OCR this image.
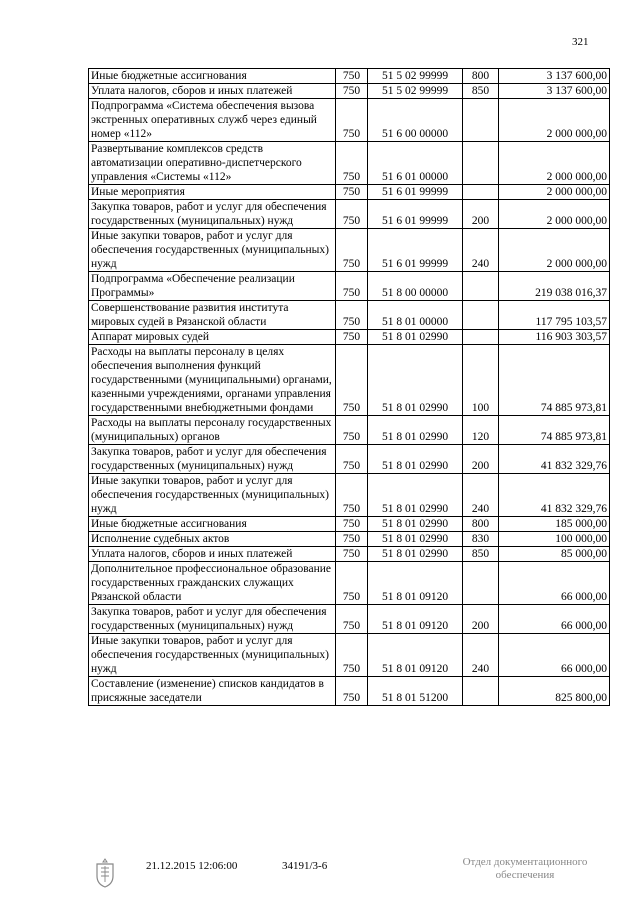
321
Иные бюджетные ассигнования	750	51 5 02 99999	800	3 137 600,00
Уплата налогов, сборов и иных платежей	750	51 5 02 99999	850	3 137 600,00
Подпрограмма «Система обеспечения вызова экстренных оперативных служб через единый номер «112»	750	51 6 00 00000		2 000 000,00
Развертывание комплексов средств автоматизации оперативно-диспетчерского управления «Системы «112»	750	51 6 01 00000		2 000 000,00
Иные мероприятия	750	51 6 01 99999		2 000 000,00
Закупка товаров, работ и услуг для обеспечения государственных (муниципальных) нужд	750	51 6 01 99999	200	2 000 000,00
Иные закупки товаров, работ и услуг для обеспечения государственных (муниципальных) нужд	750	51 6 01 99999	240	2 000 000,00
Подпрограмма «Обеспечение реализации Программы»	750	51 8 00 00000		219 038 016,37
Совершенствование развития института мировых судей в Рязанской области	750	51 8 01 00000		117 795 103,57
Аппарат мировых судей	750	51 8 01 02990		116 903 303,57
Расходы на выплаты персоналу в целях обеспечения выполнения функций государственными (муниципальными) органами, казенными учреждениями, органами управления государственными внебюджетными фондами	750	51 8 01 02990	100	74 885 973,81
Расходы на выплаты персоналу государственных (муниципальных) органов	750	51 8 01 02990	120	74 885 973,81
Закупка товаров, работ и услуг для обеспечения государственных (муниципальных) нужд	750	51 8 01 02990	200	41 832 329,76
Иные закупки товаров, работ и услуг для обеспечения государственных (муниципальных) нужд	750	51 8 01 02990	240	41 832 329,76
Иные бюджетные ассигнования	750	51 8 01 02990	800	185 000,00
Исполнение судебных актов	750	51 8 01 02990	830	100 000,00
Уплата налогов, сборов и иных платежей	750	51 8 01 02990	850	85 000,00
Дополнительное профессиональное образование государственных гражданских служащих Рязанской области	750	51 8 01 09120		66 000,00
Закупка товаров, работ и услуг для обеспечения государственных (муниципальных) нужд	750	51 8 01 09120	200	66 000,00
Иные закупки товаров, работ и услуг для обеспечения государственных (муниципальных) нужд	750	51 8 01 09120	240	66 000,00
Составление (изменение) списков кандидатов в присяжные заседатели	750	51 8 01 51200		825 800,00
21.12.2015 12:06:00	34191/3-6	Отдел документационного
обеспечения
